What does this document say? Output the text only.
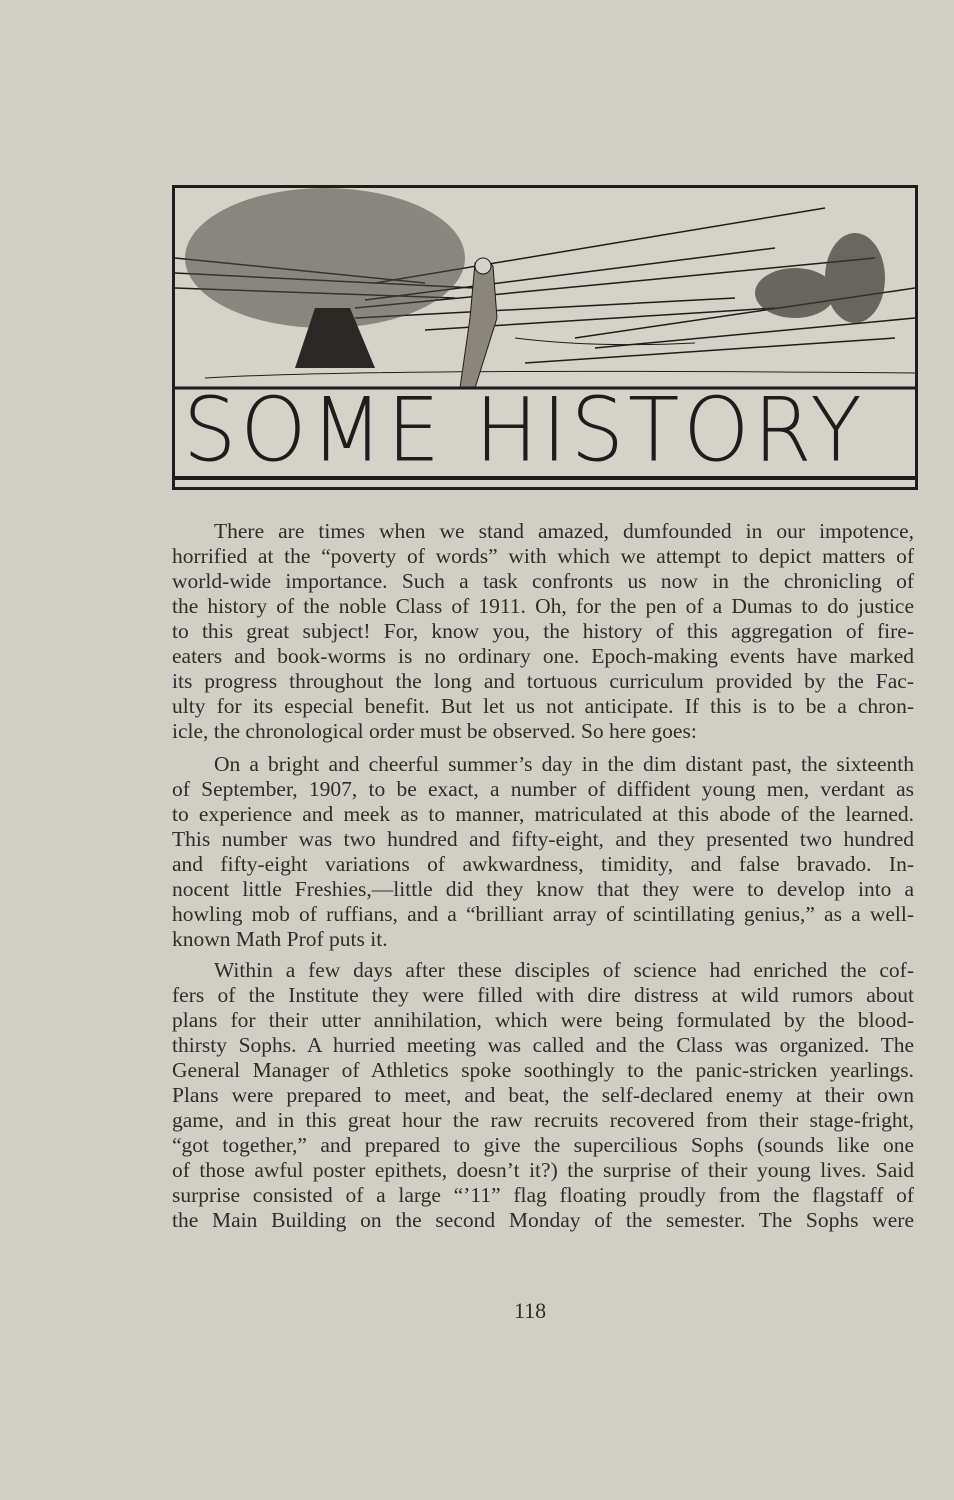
SOME HISTORY
There are times when we stand amazed, dumfounded in our impotence,
horrified at the “poverty of words” with which we attempt to depict matters of
world-wide importance. Such a task confronts us now in the chronicling of
the history of the noble Class of 1911. Oh, for the pen of a Dumas to do justice
to this great subject! For, know you, the history of this aggregation of fire-
eaters and book-worms is no ordinary one. Epoch-making events have marked
its progress throughout the long and tortuous curriculum provided by the Fac-
ulty for its especial benefit. But let us not anticipate. If this is to be a chron-
icle, the chronological order must be observed. So here goes:
On a bright and cheerful summer’s day in the dim distant past, the sixteenth
of September, 1907, to be exact, a number of diffident young men, verdant as
to experience and meek as to manner, matriculated at this abode of the learned.
This number was two hundred and fifty-eight, and they presented two hundred
and fifty-eight variations of awkwardness, timidity, and false bravado. In-
nocent little Freshies,—little did they know that they were to develop into a
howling mob of ruffians, and a “brilliant array of scintillating genius,” as a well-
known Math Prof puts it.
Within a few days after these disciples of science had enriched the cof-
fers of the Institute they were filled with dire distress at wild rumors about
plans for their utter annihilation, which were being formulated by the blood-
thirsty Sophs. A hurried meeting was called and the Class was organized. The
General Manager of Athletics spoke soothingly to the panic-stricken yearlings.
Plans were prepared to meet, and beat, the self-declared enemy at their own
game, and in this great hour the raw recruits recovered from their stage-fright,
“got together,” and prepared to give the supercilious Sophs (sounds like one
of those awful poster epithets, doesn’t it?) the surprise of their young lives. Said
surprise consisted of a large “’11” flag floating proudly from the flagstaff of
the Main Building on the second Monday of the semester. The Sophs were
118
